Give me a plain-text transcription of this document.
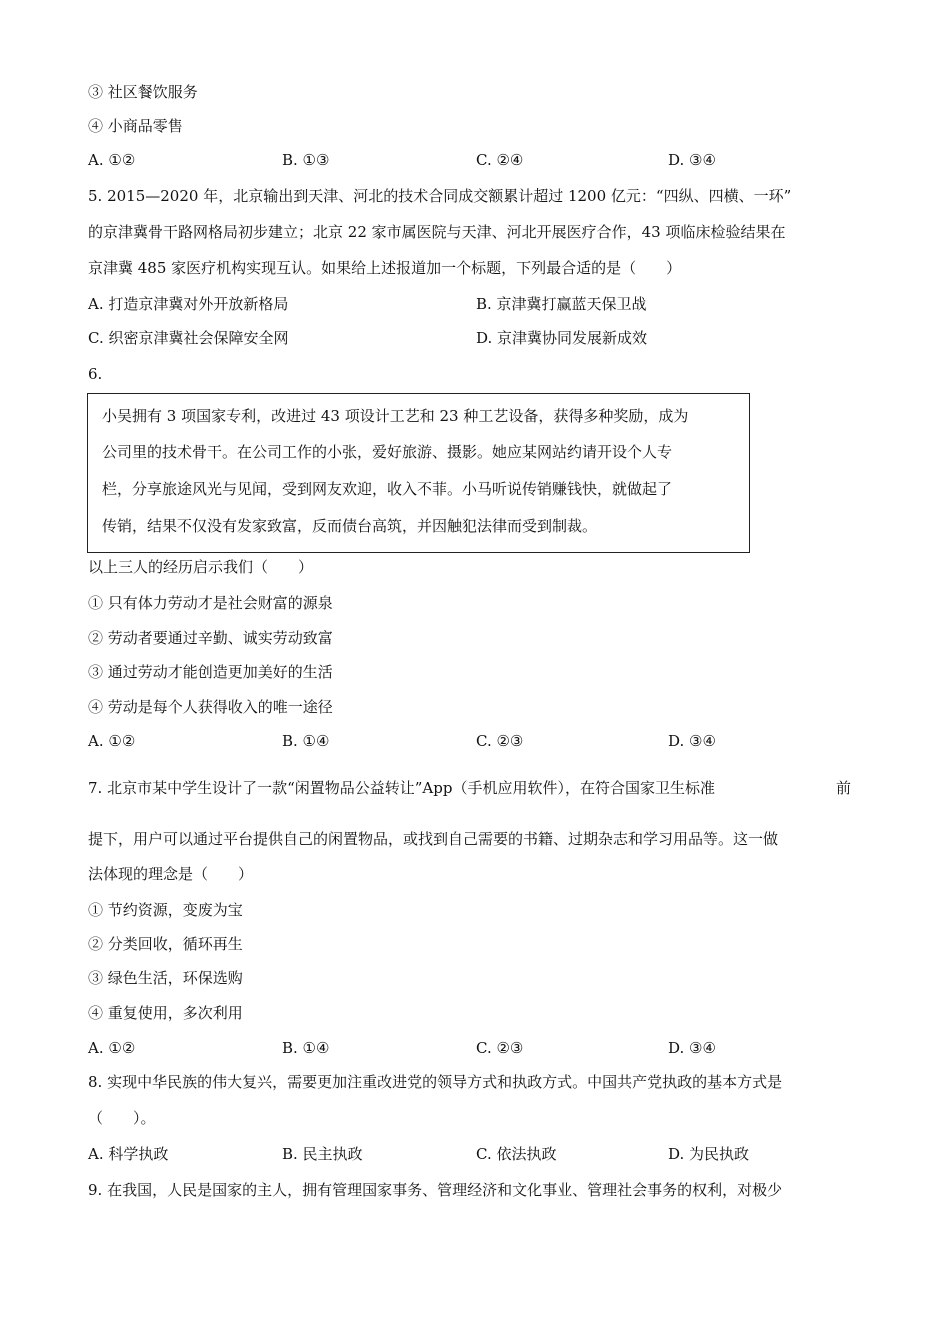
③ 社区餐饮服务
④ 小商品零售
A. ①②	B. ①③	C. ②④	D. ③④
5. 2015—2020 年，北京输出到天津、河北的技术合同成交额累计超过 1200 亿元：“四纵、四横、一环”
的京津冀骨干路网格局初步建立；北京 22 家市属医院与天津、河北开展医疗合作，43 项临床检验结果在
京津冀 485 家医疗机构实现互认。如果给上述报道加一个标题，下列最合适的是（　　）
A. 打造京津冀对外开放新格局	B. 京津冀打赢蓝天保卫战
C. 织密京津冀社会保障安全网	D. 京津冀协同发展新成效
6.
小吴拥有 3 项国家专利，改进过 43 项设计工艺和 23 种工艺设备，获得多种奖励，成为
公司里的技术骨干。在公司工作的小张，爱好旅游、摄影。她应某网站约请开设个人专
栏，分享旅途风光与见闻，受到网友欢迎，收入不菲。小马听说传销赚钱快，就做起了
传销，结果不仅没有发家致富，反而债台高筑，并因触犯法律而受到制裁。
以上三人的经历启示我们（　　）
① 只有体力劳动才是社会财富的源泉
② 劳动者要通过辛勤、诚实劳动致富
③ 通过劳动才能创造更加美好的生活
④ 劳动是每个人获得收入的唯一途径
A. ①②	B. ①④	C. ②③	D. ③④
7. 北京市某中学生设计了一款“闲置物品公益转让”App（手机应用软件），在符合国家卫生标准	前
提下，用户可以通过平台提供自己的闲置物品，或找到自己需要的书籍、过期杂志和学习用品等。这一做
法体现的理念是（　　）
① 节约资源，变废为宝
② 分类回收，循环再生
③ 绿色生活，环保选购
④ 重复使用，多次利用
A. ①②	B. ①④	C. ②③	D. ③④
8. 实现中华民族的伟大复兴，需要更加注重改进党的领导方式和执政方式。中国共产党执政的基本方式是
（　　）。
A. 科学执政	B. 民主执政	C. 依法执政	D. 为民执政
9. 在我国，人民是国家的主人，拥有管理国家事务、管理经济和文化事业、管理社会事务的权利，对极少
